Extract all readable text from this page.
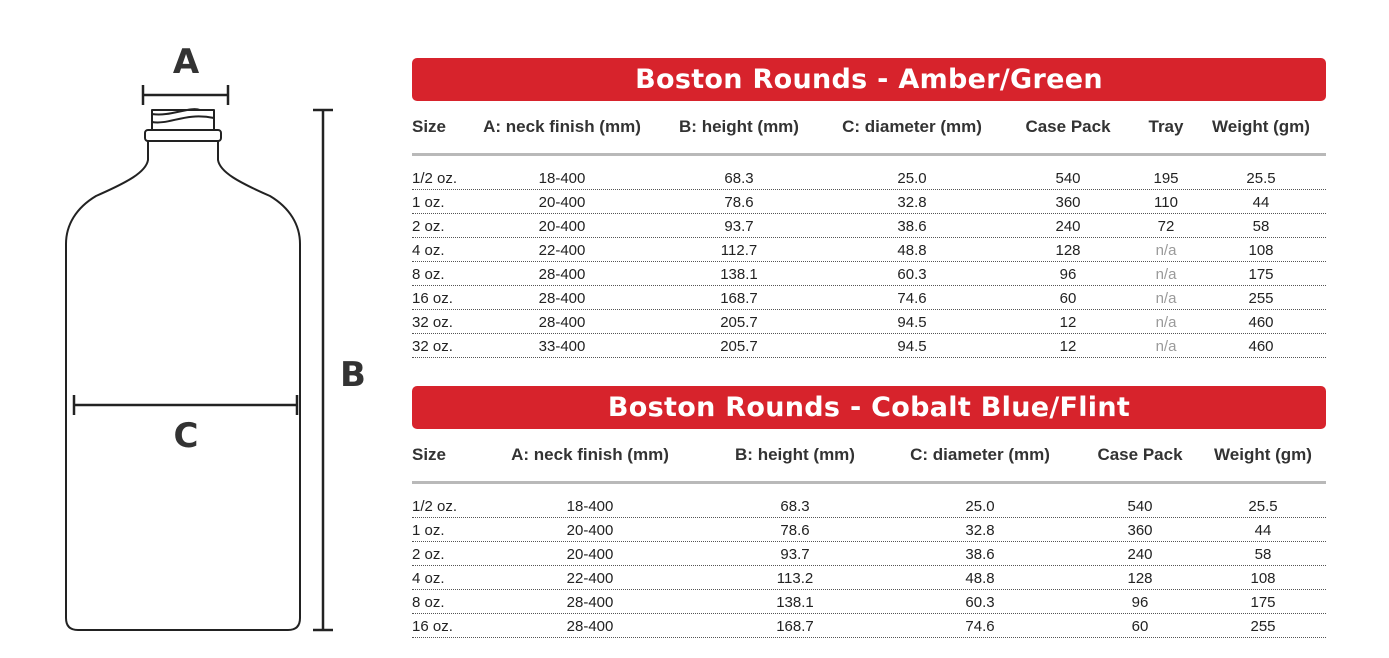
A
B
C
Boston Rounds - Amber/Green
Size	A: neck finish (mm)	B: height (mm)	C: diameter (mm)	Case Pack	Tray	Weight (gm)
1/2 oz.	18-400	68.3	25.0	540	195	25.5
1 oz.	20-400	78.6	32.8	360	110	44
2 oz.	20-400	93.7	38.6	240	72	58
4 oz.	22-400	112.7	48.8	128	n/a	108
8 oz.	28-400	138.1	60.3	96	n/a	175
16 oz.	28-400	168.7	74.6	60	n/a	255
32 oz.	28-400	205.7	94.5	12	n/a	460
32 oz.	33-400	205.7	94.5	12	n/a	460
Boston Rounds - Cobalt Blue/Flint
Size	A: neck finish (mm)	B: height (mm)	C: diameter (mm)	Case Pack	Weight (gm)
1/2 oz.	18-400	68.3	25.0	540	25.5
1 oz.	20-400	78.6	32.8	360	44
2 oz.	20-400	93.7	38.6	240	58
4 oz.	22-400	113.2	48.8	128	108
8 oz.	28-400	138.1	60.3	96	175
16 oz.	28-400	168.7	74.6	60	255
